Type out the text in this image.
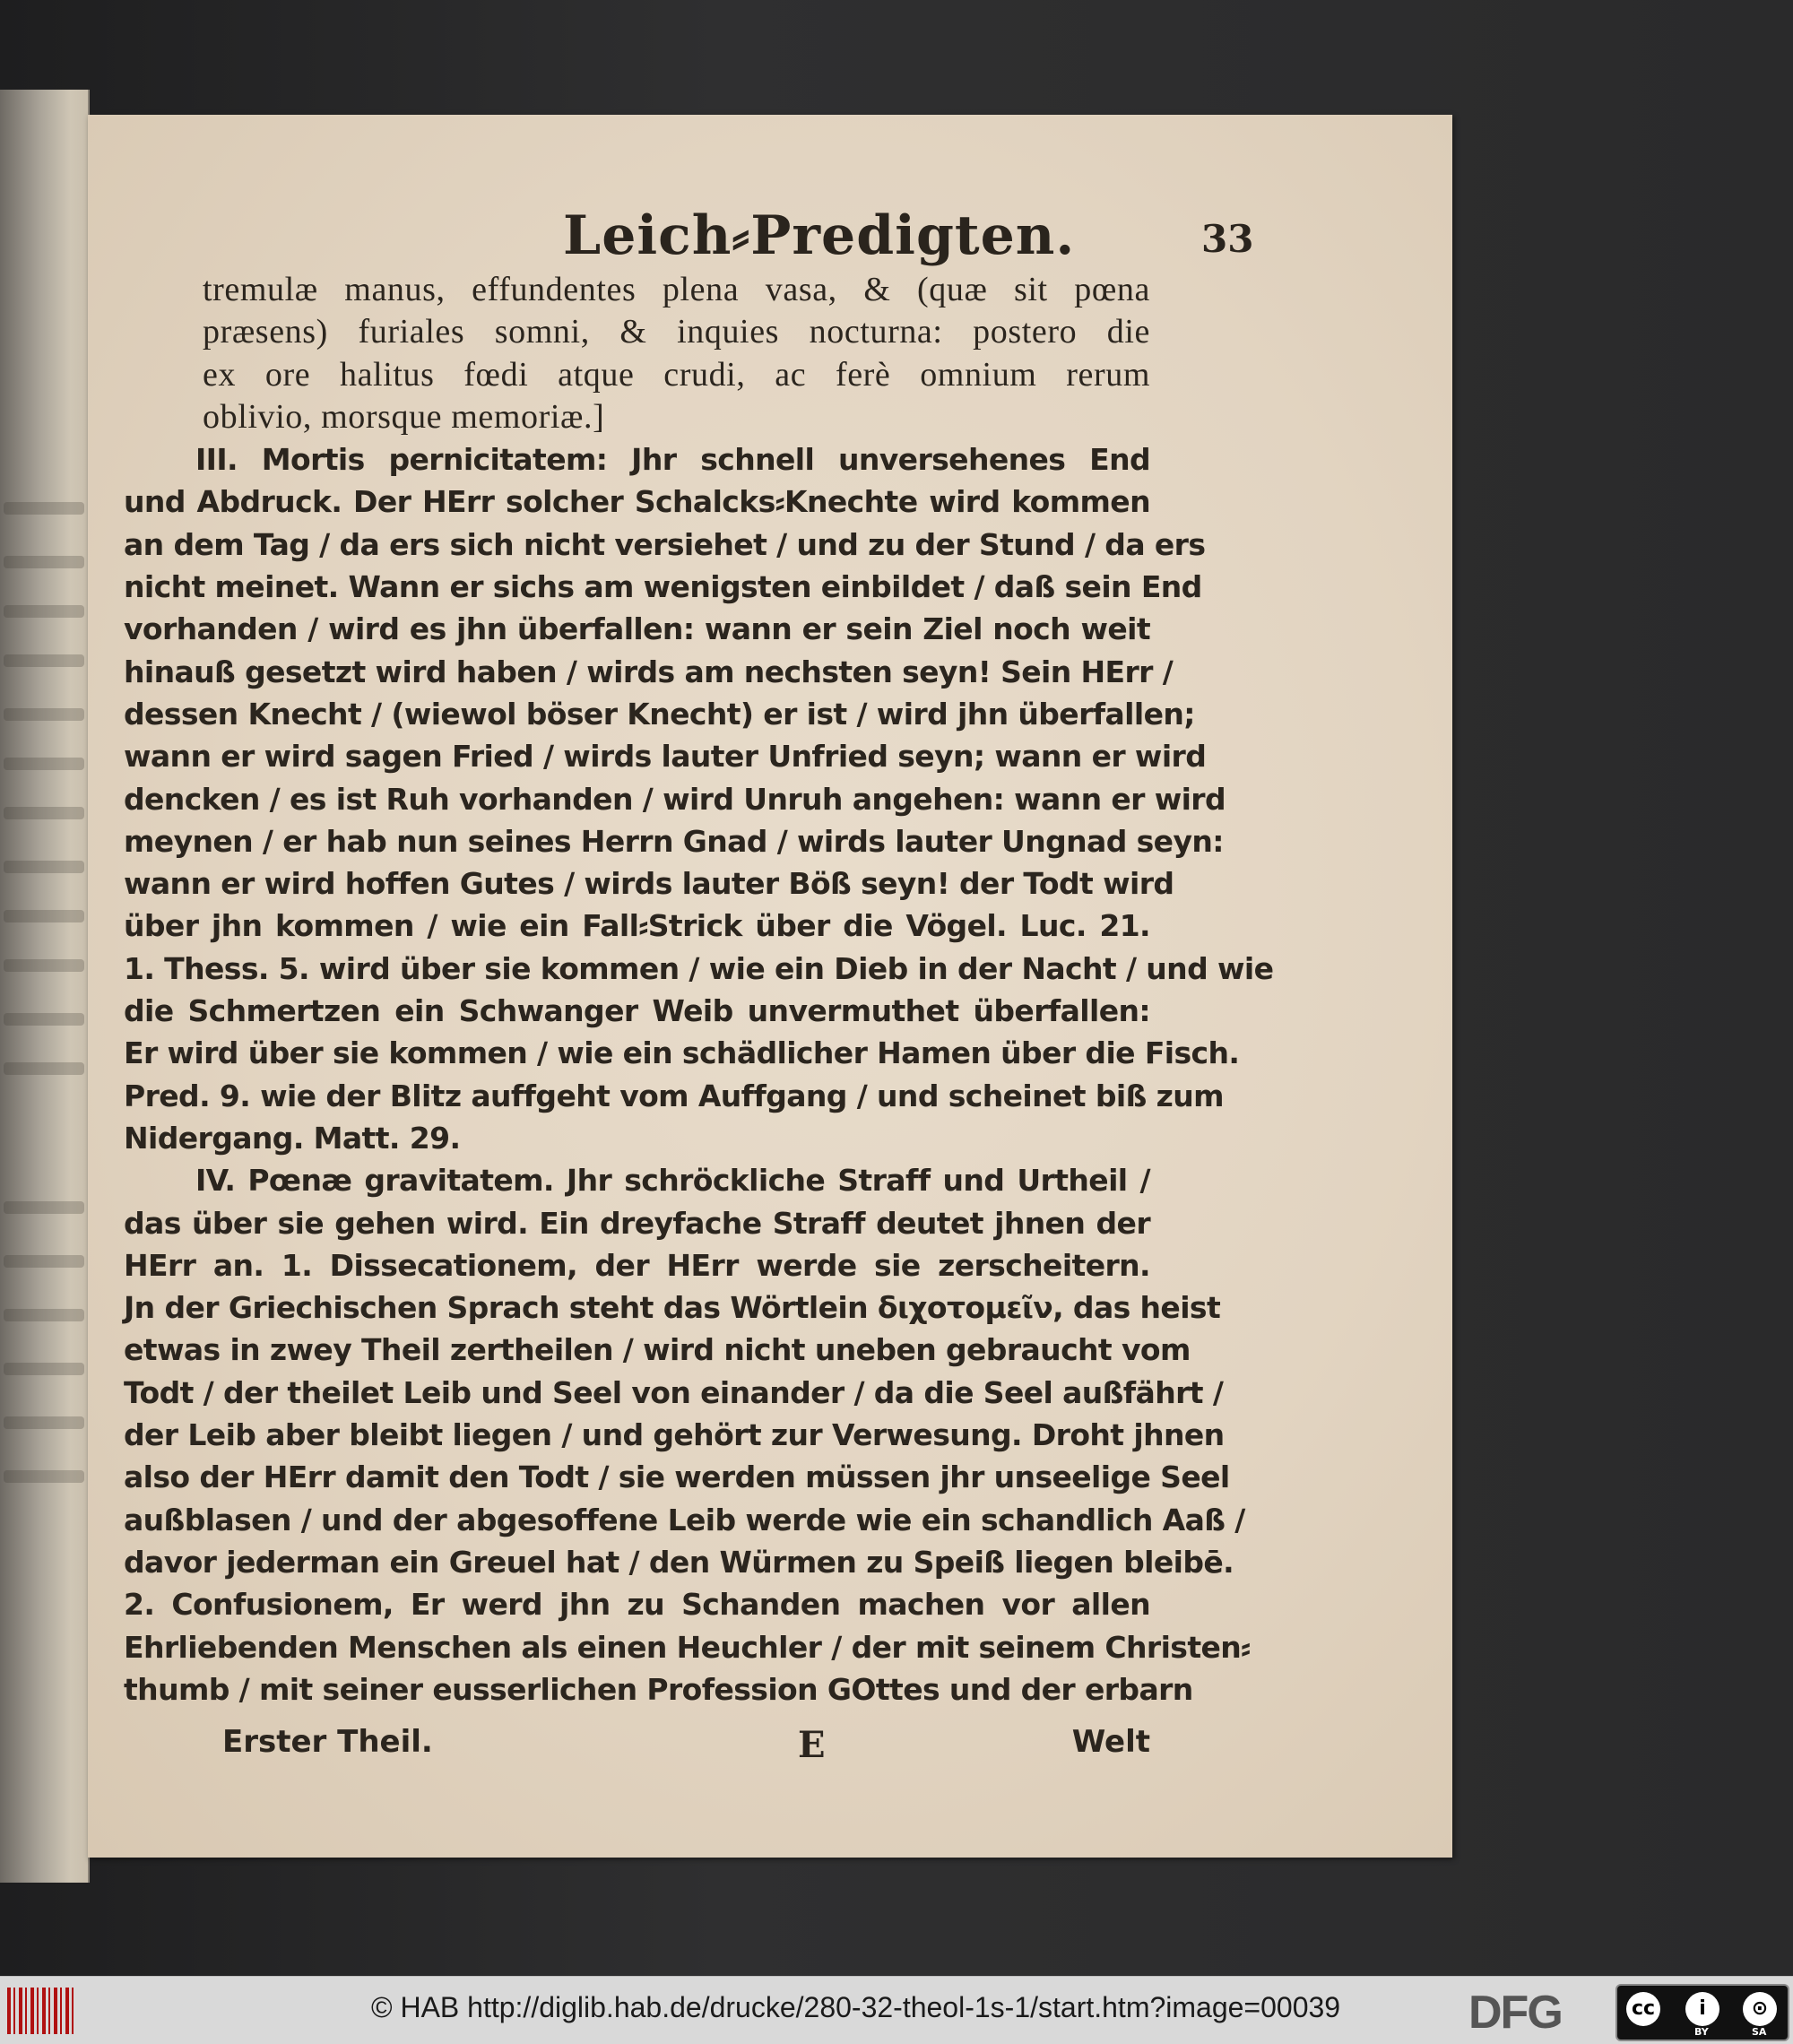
Leich⸗Predigten.	33
tremulæ manus, effundentes plena vasa, & (quæ sit pœna
præsens) furiales somni, & inquies nocturna: postero die
ex ore halitus fœdi atque crudi, ac ferè omnium rerum
oblivio, morsque memoriæ.]
III. Mortis pernicitatem: Jhr schnell unversehenes End
und Abdruck. Der HErr solcher Schalcks⸗Knechte wird kommen
an dem Tag / da ers sich nicht versiehet / und zu der Stund / da ers
nicht meinet. Wann er sichs am wenigsten einbildet / daß sein End
vorhanden / wird es jhn überfallen: wann er sein Ziel noch weit
hinauß gesetzt wird haben / wirds am nechsten seyn! Sein HErr /
dessen Knecht / (wiewol böser Knecht) er ist / wird jhn überfallen;
wann er wird sagen Fried / wirds lauter Unfried seyn; wann er wird
dencken / es ist Ruh vorhanden / wird Unruh angehen: wann er wird
meynen / er hab nun seines Herrn Gnad / wirds lauter Ungnad seyn:
wann er wird hoffen Gutes / wirds lauter Böß seyn! der Todt wird
über jhn kommen / wie ein Fall⸗Strick über die Vögel. Luc. 21.
1. Thess. 5. wird über sie kommen / wie ein Dieb in der Nacht / und wie
die Schmertzen ein Schwanger Weib unvermuthet überfallen:
Er wird über sie kommen / wie ein schädlicher Hamen über die Fisch.
Pred. 9. wie der Blitz auffgeht vom Auffgang / und scheinet biß zum
Nidergang. Matt. 29.
IV. Pœnæ gravitatem. Jhr schröckliche Straff und Urtheil /
das über sie gehen wird. Ein dreyfache Straff deutet jhnen der
HErr an. 1. Dissecationem, der HErr werde sie zerscheitern.
Jn der Griechischen Sprach steht das Wörtlein διχοτομεῖν, das heist
etwas in zwey Theil zertheilen / wird nicht uneben gebraucht vom
Todt / der theilet Leib und Seel von einander / da die Seel außfährt /
der Leib aber bleibt liegen / und gehört zur Verwesung. Droht jhnen
also der HErr damit den Todt / sie werden müssen jhr unseelige Seel
außblasen / und der abgesoffene Leib werde wie ein schandlich Aaß /
davor jederman ein Greuel hat / den Würmen zu Speiß liegen bleibē.
2. Confusionem, Er werd jhn zu Schanden machen vor allen
Ehrliebenden Menschen als einen Heuchler / der mit seinem Christen⸗
thumb / mit seiner eusserlichen Profession GOttes und der erbarn
Erster Theil.	E	Welt
© HAB http://diglib.hab.de/drucke/280-32-theol-1s-1/start.htm?image=00039	DFG	cc	i	⊙
BY	SA
